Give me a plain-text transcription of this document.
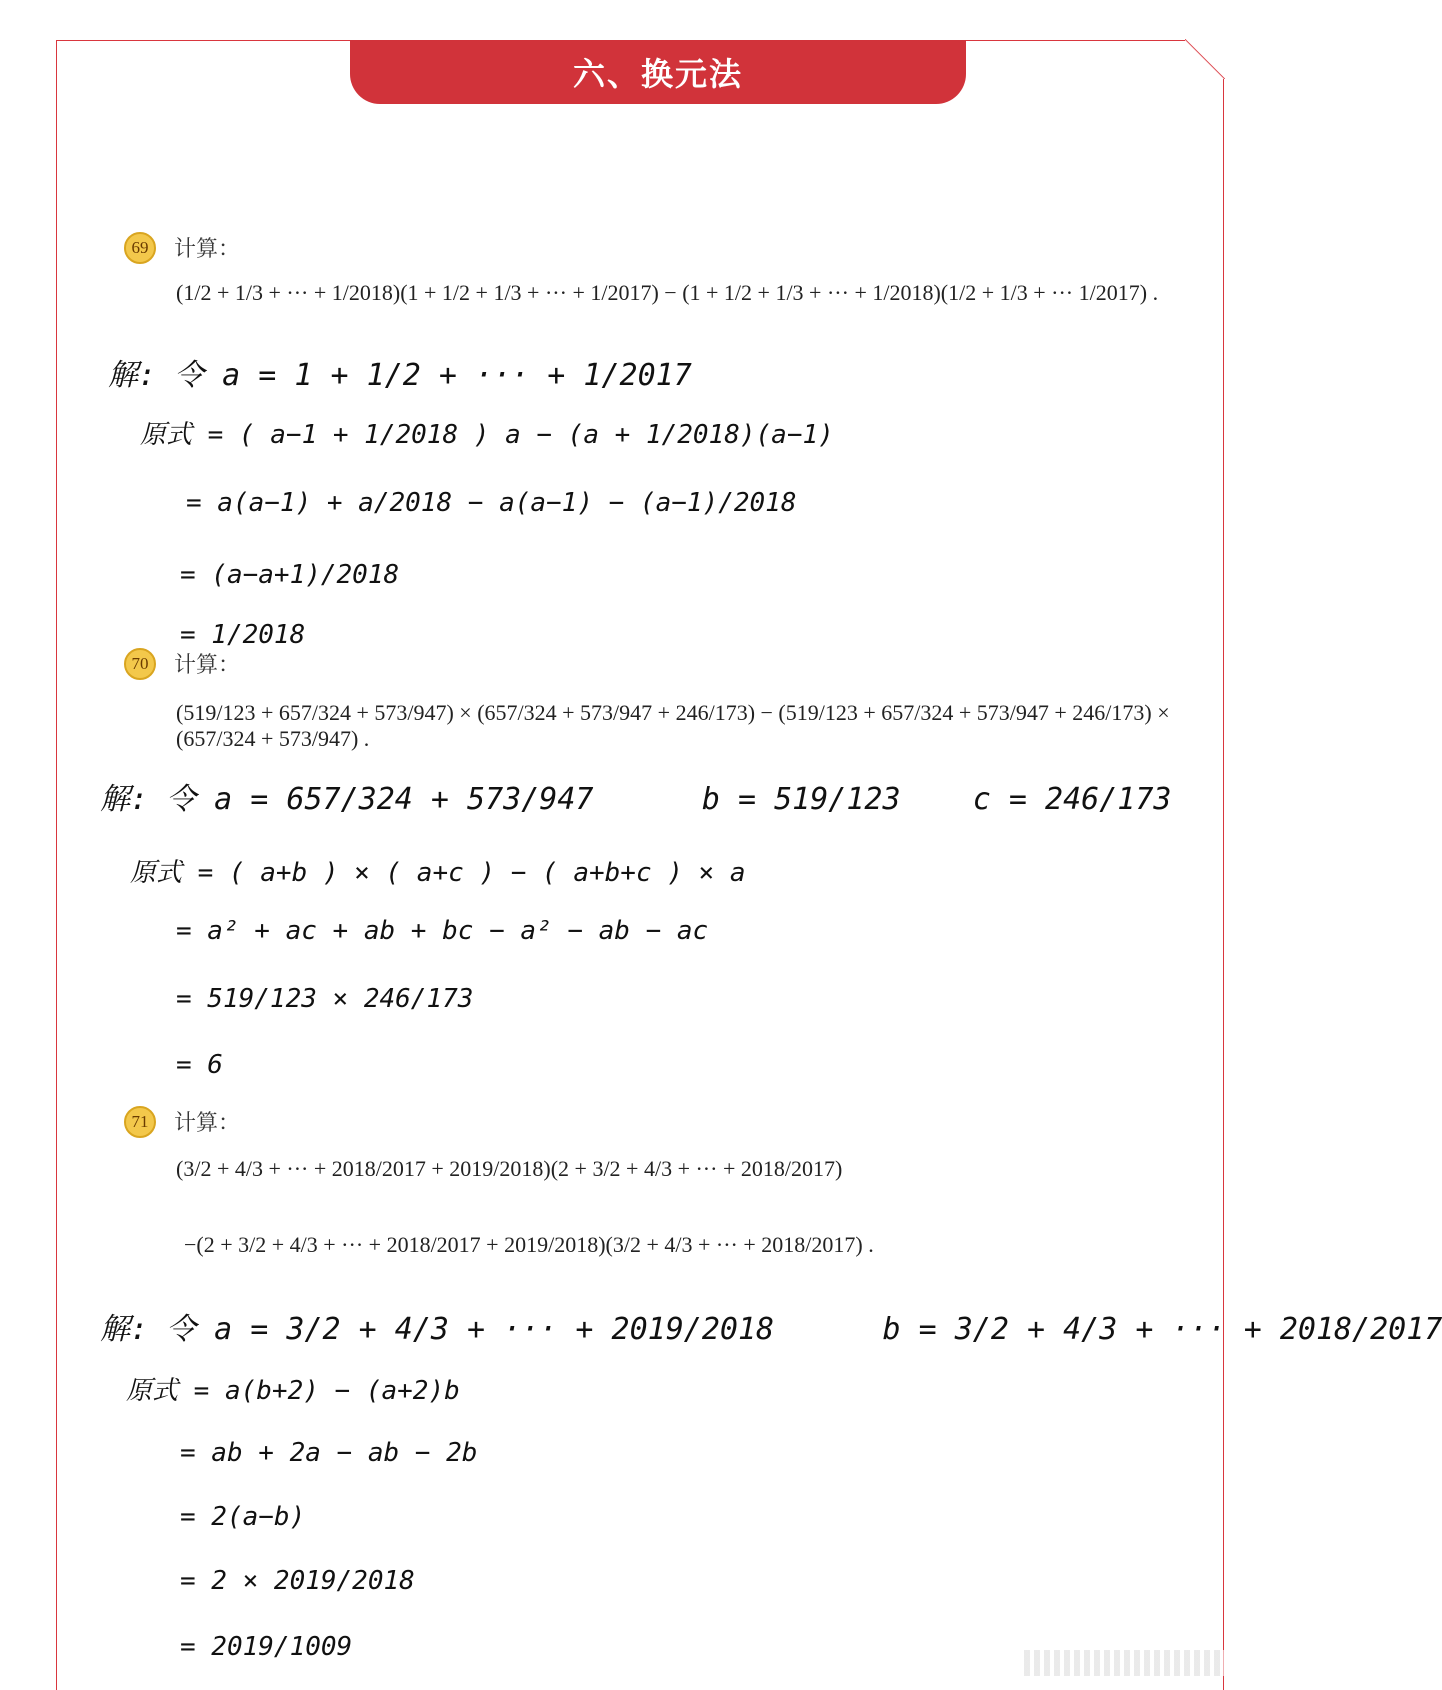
六、换元法
69	计算：
(1/2 + 1/3 + ··· + 1/2018)(1 + 1/2 + 1/3 + ··· + 1/2017) − (1 + 1/2 + 1/3 + ··· + 1/2018)(1/2 + 1/3 + ··· 1/2017) .
解: 令 a = 1 + 1/2 + ··· + 1/2017
原式 = ( a−1 + 1/2018 ) a − (a + 1/2018)(a−1)
= a(a−1) + a/2018 − a(a−1) − (a−1)/2018
= (a−a+1)/2018
= 1/2018
70	计算：
(519/123 + 657/324 + 573/947) × (657/324 + 573/947 + 246/173) − (519/123 + 657/324 + 573/947 + 246/173) × (657/324 + 573/947) .
解: 令 a = 657/324 + 573/947      b = 519/123    c = 246/173
原式 = ( a+b ) × ( a+c ) − ( a+b+c ) × a
= a² + ac + ab + bc − a² − ab − ac
= 519/123 × 246/173
= 6
71	计算：
(3/2 + 4/3 + ··· + 2018/2017 + 2019/2018)(2 + 3/2 + 4/3 + ··· + 2018/2017)
−(2 + 3/2 + 4/3 + ··· + 2018/2017 + 2019/2018)(3/2 + 4/3 + ··· + 2018/2017) .
解: 令 a = 3/2 + 4/3 + ··· + 2019/2018      b = 3/2 + 4/3 + ··· + 2018/2017
原式 = a(b+2) − (a+2)b
= ab + 2a − ab − 2b
= 2(a−b)
= 2 × 2019/2018
= 2019/1009
